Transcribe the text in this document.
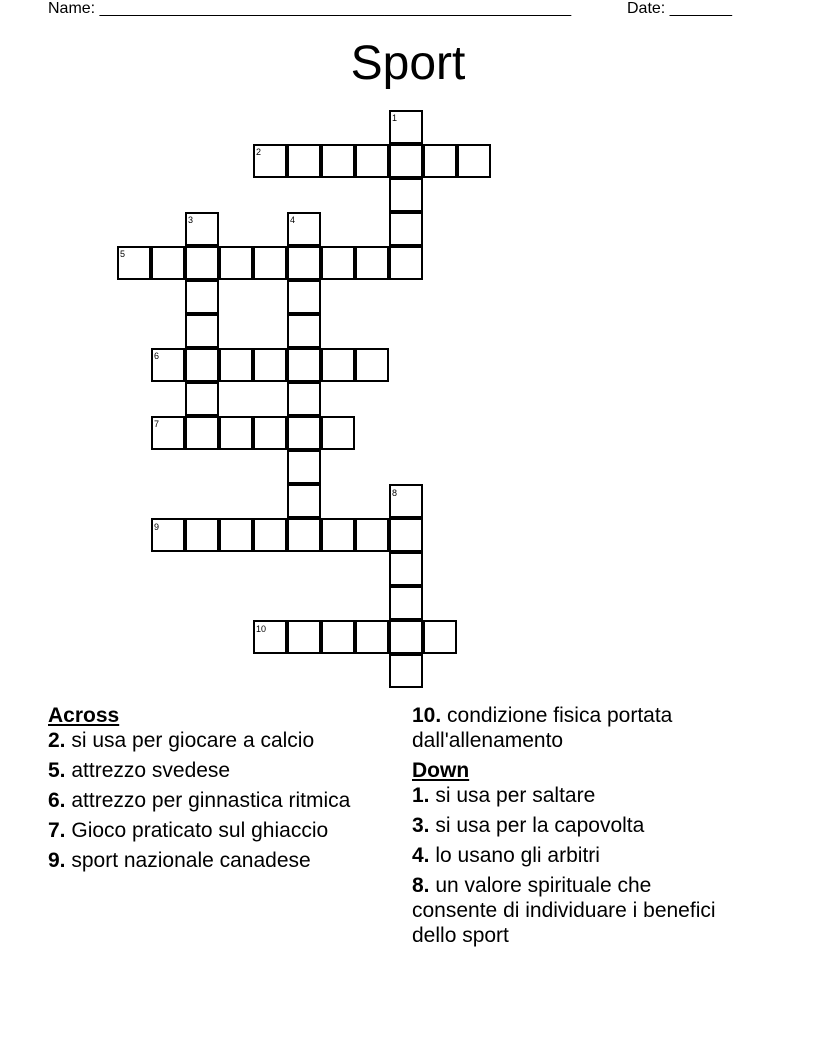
Name: _____________________________________________________	Date: _______
Sport
1
2
3	4
5
6
7
8
9
10

Across

2. si usa per giocare a calcio

5. attrezzo svedese

6. attrezzo per ginnastica ritmica

7. Gioco praticato sul ghiaccio

9. sport nazionale canadese

10. condizione fisica portata dall'allenamento

Down

1. si usa per saltare

3. si usa per la capovolta

4. lo usano gli arbitri

8. un valore spirituale che consente di individuare i benefici dello sport
